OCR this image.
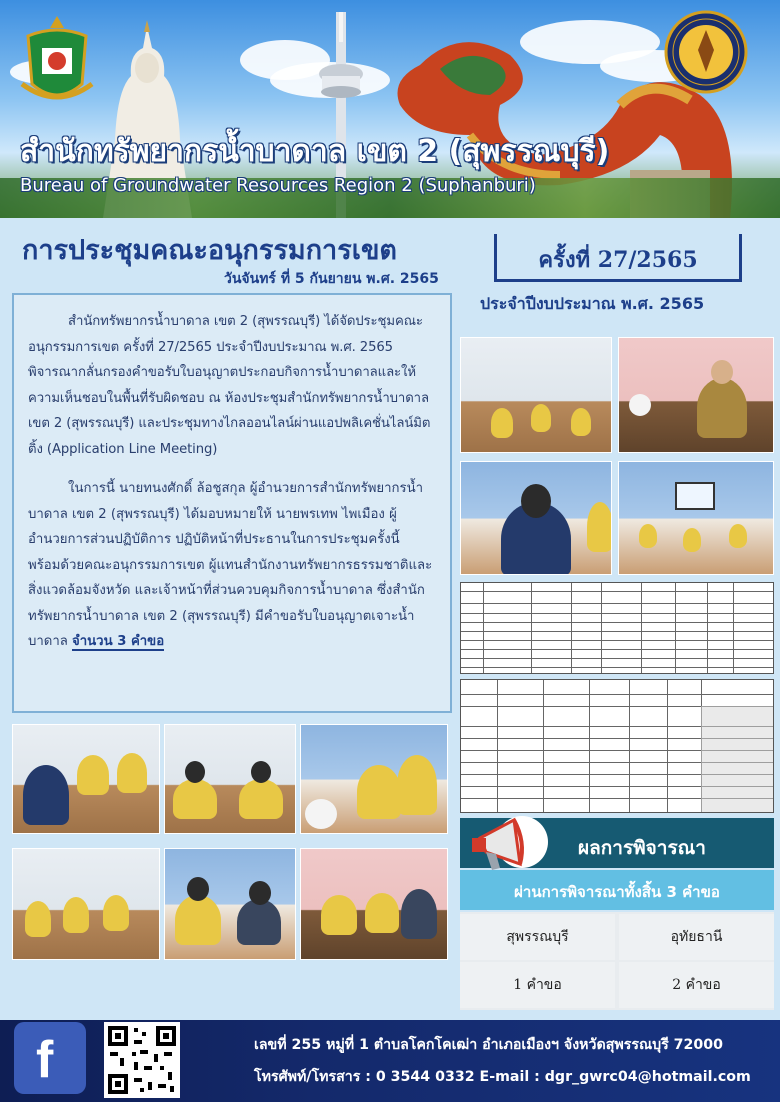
สำนักทรัพยากรน้ำบาดาล เขต 2 (สุพรรณบุรี)
Bureau of Groundwater Resources Region 2 (Suphanburi)
การประชุมคณะอนุกรรมการเขต
วันจันทร์ ที่ 5 กันยายน พ.ศ. 2565
ครั้งที่ 27/2565
ประจำปีงบประมาณ พ.ศ. 2565

สำนักทรัพยากรน้ำบาดาล เขต 2 (สุพรรณบุรี) ได้จัดประชุมคณะอนุกรรมการเขต ครั้งที่ 27/2565 ประจำปีงบประมาณ พ.ศ. 2565 พิจารณากลั่นกรองคำขอรับใบอนุญาตประกอบกิจการน้ำบาดาลและให้ความเห็นชอบในพื้นที่รับผิดชอบ ณ ห้องประชุมสำนักทรัพยากรน้ำบาดาล เขต 2 (สุพรรณบุรี) และประชุมทางไกลออนไลน์ผ่านแอปพลิเคชั่นไลน์มิตติ้ง (Application Line Meeting)

ในการนี้ นายทนงศักดิ์ ล้อชูสกุล ผู้อำนวยการสำนักทรัพยากรน้ำบาดาล เขต 2 (สุพรรณบุรี) ได้มอบหมายให้ นายพรเทพ ไพเมือง ผู้อำนวยการส่วนปฏิบัติการ ปฏิบัติหน้าที่ประธานในการประชุมครั้งนี้ พร้อมด้วยคณะอนุกรรมการเขต ผู้แทนสำนักงานทรัพยากรธรรมชาติและสิ่งแวดล้อมจังหวัด และเจ้าหน้าที่ส่วนควบคุมกิจการน้ำบาดาล ซึ่งสำนักทรัพยากรน้ำบาดาล เขต 2 (สุพรรณบุรี) มีคำขอรับใบอนุญาตเจาะน้ำบาดาล จำนวน 3 คำขอ

ผลการพิจารณา
ผ่านการพิจารณาทั้งสิ้น 3 คำขอ
สุพรรณบุรี	อุทัยธานี
1 คำขอ	2 คำขอ
f	เลขที่ 255 หมู่ที่ 1 ตำบลโคกโคเฒ่า อำเภอเมืองฯ จังหวัดสุพรรณบุรี 72000
โทรศัพท์/โทรสาร : 0 3544 0332 E-mail : dgr_gwrc04@hotmail.com
